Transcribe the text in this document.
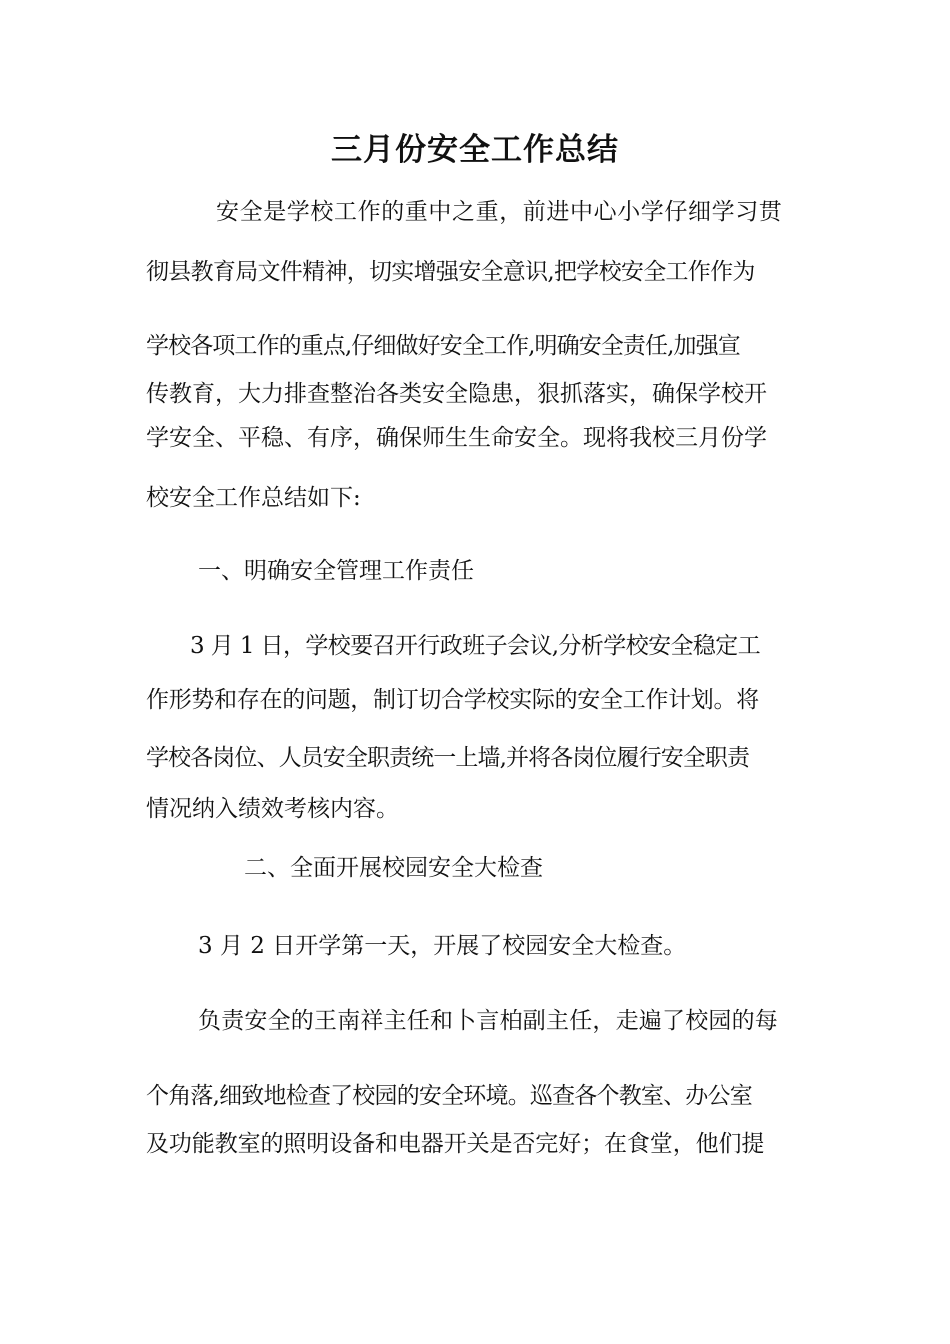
三月份安全工作总结

安全是学校工作的重中之重，前进中心小学仔细学习贯

彻县教育局文件精神，切实增强安全意识,把学校安全工作作为

学校各项工作的重点,仔细做好安全工作,明确安全责任,加强宣

传教育，大力排查整治各类安全隐患，狠抓落实，确保学校开

学安全、平稳、有序，确保师生生命安全。现将我校三月份学

校安全工作总结如下:

一、明确安全管理工作责任

3 月 1 日，学校要召开行政班子会议,分析学校安全稳定工

作形势和存在的问题，制订切合学校实际的安全工作计划。将

学校各岗位、人员安全职责统一上墙,并将各岗位履行安全职责

情况纳入绩效考核内容。

二、全面开展校园安全大检查

3 月 2 日开学第一天，开展了校园安全大检查。

负责安全的王南祥主任和卜言柏副主任，走遍了校园的每

个角落,细致地检查了校园的安全环境。巡查各个教室、办公室

及功能教室的照明设备和电器开关是否完好；在食堂，他们提
